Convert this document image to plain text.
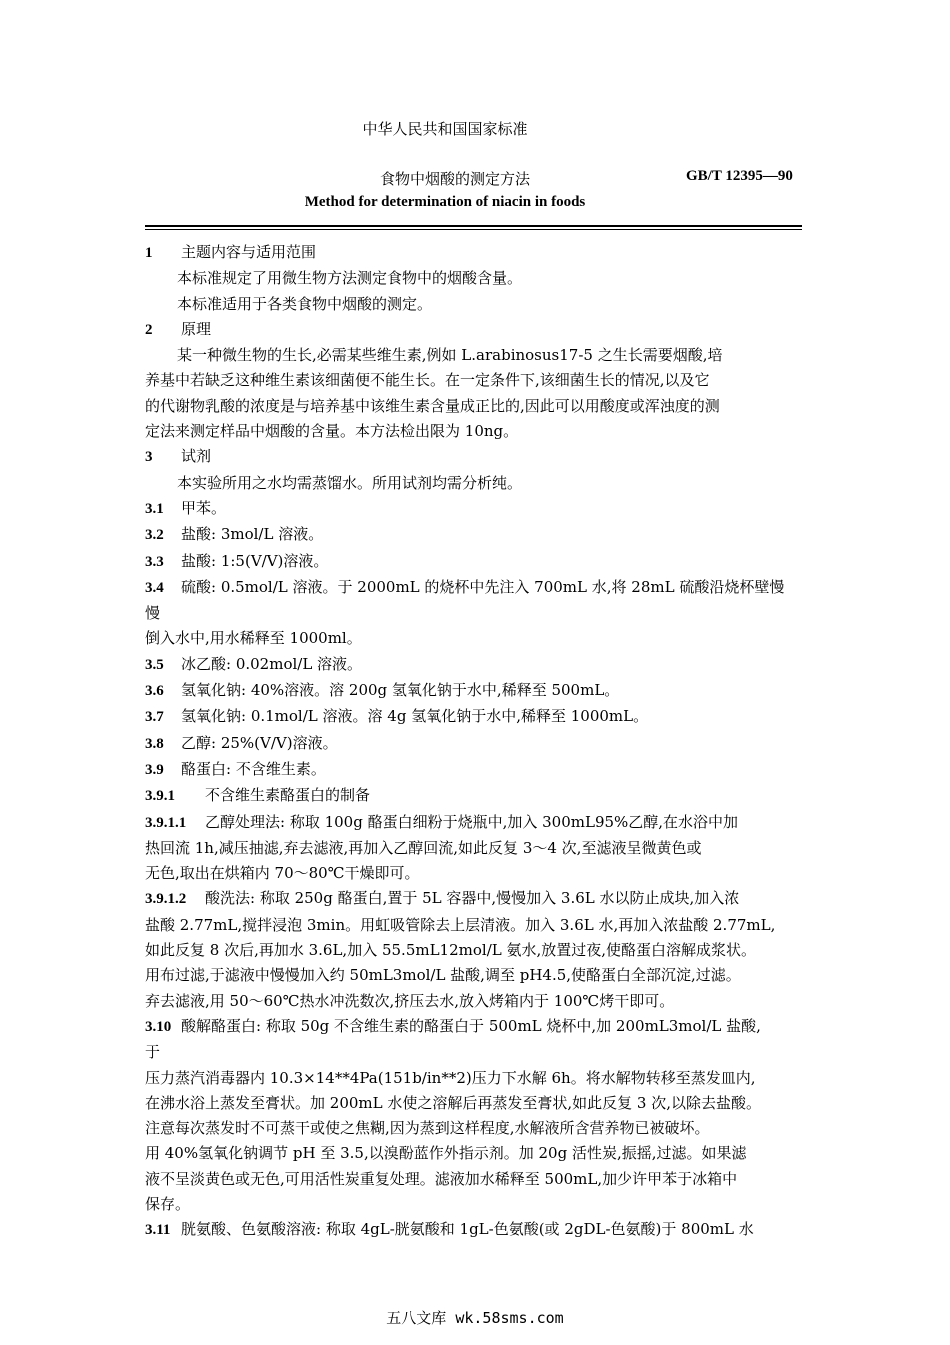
中华人民共和国国家标准
食物中烟酸的测定方法	GB/T 12395—90
Method for determination of niacin in foods
1 主题内容与适用范围
本标准规定了用微生物方法测定食物中的烟酸含量。
本标准适用于各类食物中烟酸的测定。
2 原理
某一种微生物的生长,必需某些维生素,例如 L.arabinosus17-5 之生长需要烟酸,培
养基中若缺乏这种维生素该细菌便不能生长。在一定条件下,该细菌生长的情况,以及它
的代谢物乳酸的浓度是与培养基中该维生素含量成正比的,因此可以用酸度或浑浊度的测
定法来测定样品中烟酸的含量。本方法检出限为 10ng。
3 试剂
本实验所用之水均需蒸馏水。所用试剂均需分析纯。
3.1 甲苯。
3.2 盐酸: 3mol/L 溶液。
3.3 盐酸: 1:5(V/V)溶液。
3.4 硫酸: 0.5mol/L 溶液。于 2000mL 的烧杯中先注入 700mL 水,将 28mL 硫酸沿烧杯壁慢
慢
倒入水中,用水稀释至 1000ml。
3.5 冰乙酸: 0.02mol/L 溶液。
3.6 氢氧化钠: 40%溶液。溶 200g 氢氧化钠于水中,稀释至 500mL。
3.7 氢氧化钠: 0.1mol/L 溶液。溶 4g 氢氧化钠于水中,稀释至 1000mL。
3.8 乙醇: 25%(V/V)溶液。
3.9 酪蛋白: 不含维生素。
3.9.1 不含维生素酪蛋白的制备
3.9.1.1 乙醇处理法: 称取 100g 酪蛋白细粉于烧瓶中,加入 300mL95%乙醇,在水浴中加
热回流 1h,减压抽滤,弃去滤液,再加入乙醇回流,如此反复 3～4 次,至滤液呈微黄色或
无色,取出在烘箱内 70～80℃干燥即可。
3.9.1.2 酸洗法: 称取 250g 酪蛋白,置于 5L 容器中,慢慢加入 3.6L 水以防止成块,加入浓
盐酸 2.77mL,搅拌浸泡 3min。用虹吸管除去上层清液。加入 3.6L 水,再加入浓盐酸 2.77mL,
如此反复 8 次后,再加水 3.6L,加入 55.5mL12mol/L 氨水,放置过夜,使酪蛋白溶解成浆状。
用布过滤,于滤液中慢慢加入约 50mL3mol/L 盐酸,调至 pH4.5,使酪蛋白全部沉淀,过滤。
弃去滤液,用 50～60℃热水冲洗数次,挤压去水,放入烤箱内于 100℃烤干即可。
3.10 酸解酪蛋白: 称取 50g 不含维生素的酪蛋白于 500mL 烧杯中,加 200mL3mol/L 盐酸,
于
压力蒸汽消毒器内 10.3×14**4Pa(151b/in**2)压力下水解 6h。将水解物转移至蒸发皿内,
在沸水浴上蒸发至膏状。加 200mL 水使之溶解后再蒸发至膏状,如此反复 3 次,以除去盐酸。
注意每次蒸发时不可蒸干或使之焦糊,因为蒸到这样程度,水解液所含营养物已被破坏。
用 40%氢氧化钠调节 pH 至 3.5,以溴酚蓝作外指示剂。加 20g 活性炭,振摇,过滤。如果滤
液不呈淡黄色或无色,可用活性炭重复处理。滤液加水稀释至 500mL,加少许甲苯于冰箱中
保存。
3.11 胱氨酸、色氨酸溶液: 称取 4gL-胱氨酸和 1gL-色氨酸(或 2gDL-色氨酸)于 800mL 水
五八文库 wk.58sms.com
